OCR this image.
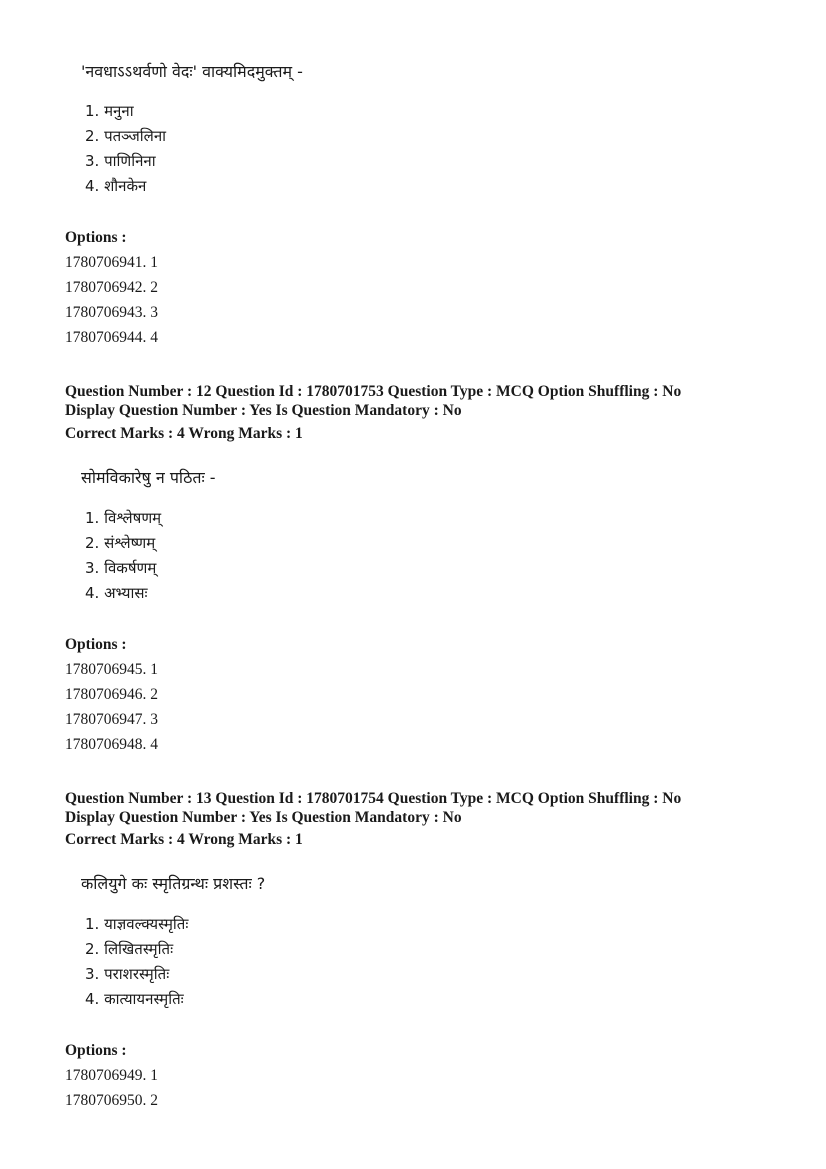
'नवधाऽऽथर्वणो वेदः' वाक्यमिदमुक्तम् -
1. मनुना
2. पतञ्जलिना
3. पाणिनिना
4. शौनकेन
Options :
1780706941. 1
1780706942. 2
1780706943. 3
1780706944. 4
Question Number : 12 Question Id : 1780701753 Question Type : MCQ Option Shuffling : No
Display Question Number : Yes Is Question Mandatory : No
Correct Marks : 4 Wrong Marks : 1
सोमविकारेषु न पठितः -
1. विश्लेषणम्
2. संश्लेष्णम्
3. विकर्षणम्
4. अभ्यासः
Options :
1780706945. 1
1780706946. 2
1780706947. 3
1780706948. 4
Question Number : 13 Question Id : 1780701754 Question Type : MCQ Option Shuffling : No
Display Question Number : Yes Is Question Mandatory : No
Correct Marks : 4 Wrong Marks : 1
कलियुगे कः स्मृतिग्रन्थः प्रशस्तः ?
1. याज्ञवल्क्यस्मृतिः
2. लिखितस्मृतिः
3. पराशरस्मृतिः
4. कात्यायनस्मृतिः
Options :
1780706949. 1
1780706950. 2
